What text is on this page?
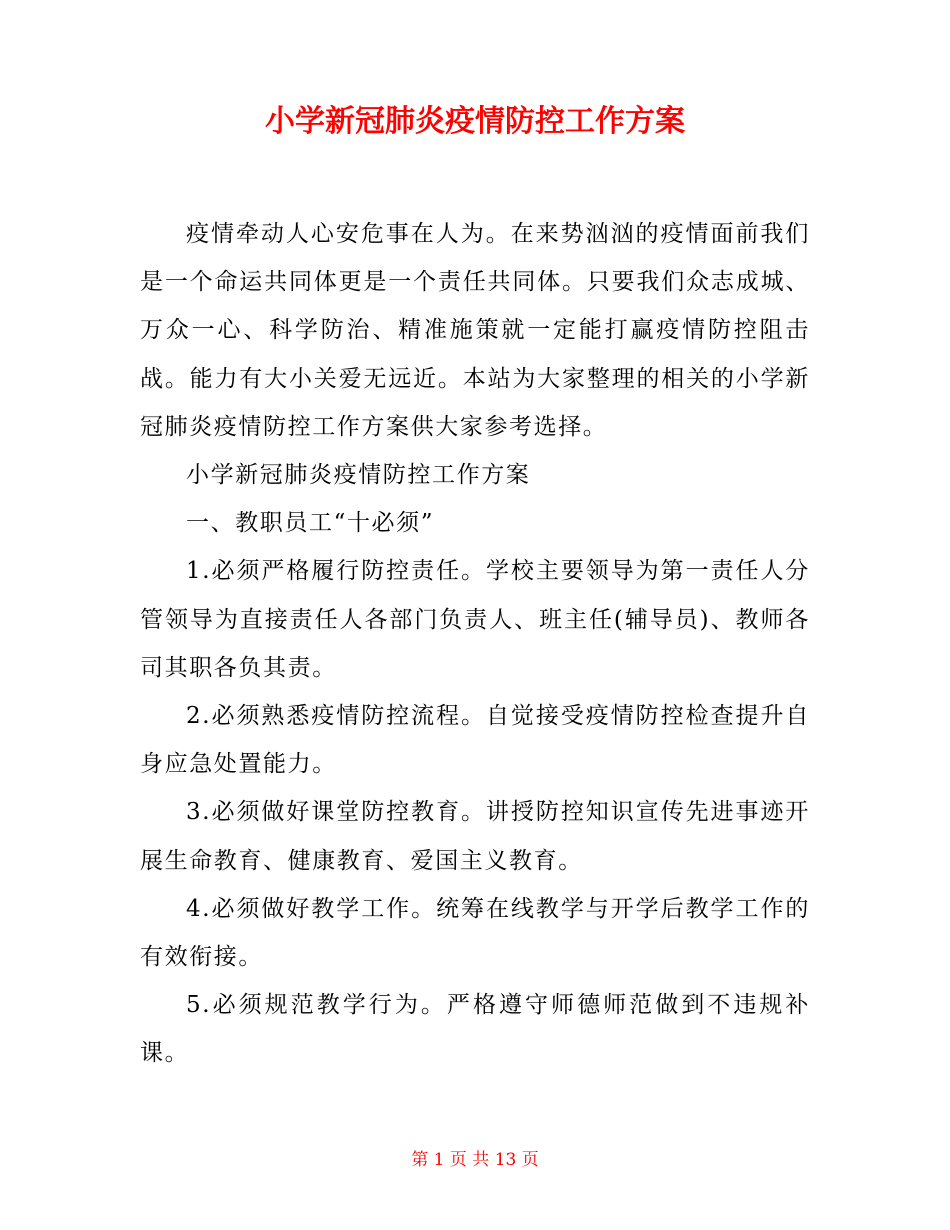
小学新冠肺炎疫情防控工作方案

疫情牵动人心安危事在人为。在来势汹汹的疫情面前我们是一个命运共同体更是一个责任共同体。只要我们众志成城、万众一心、科学防治、精准施策就一定能打赢疫情防控阻击战。能力有大小关爱无远近。本站为大家整理的相关的小学新冠肺炎疫情防控工作方案供大家参考选择。

小学新冠肺炎疫情防控工作方案

一、教职员工“十必须”

1.必须严格履行防控责任。学校主要领导为第一责任人分管领导为直接责任人各部门负责人、班主任(辅导员)、教师各司其职各负其责。

2.必须熟悉疫情防控流程。自觉接受疫情防控检查提升自身应急处置能力。

3.必须做好课堂防控教育。讲授防控知识宣传先进事迹开展生命教育、健康教育、爱国主义教育。

4.必须做好教学工作。统筹在线教学与开学后教学工作的有效衔接。

5.必须规范教学行为。严格遵守师德师范做到不违规补课。

第 1 页 共 13 页
